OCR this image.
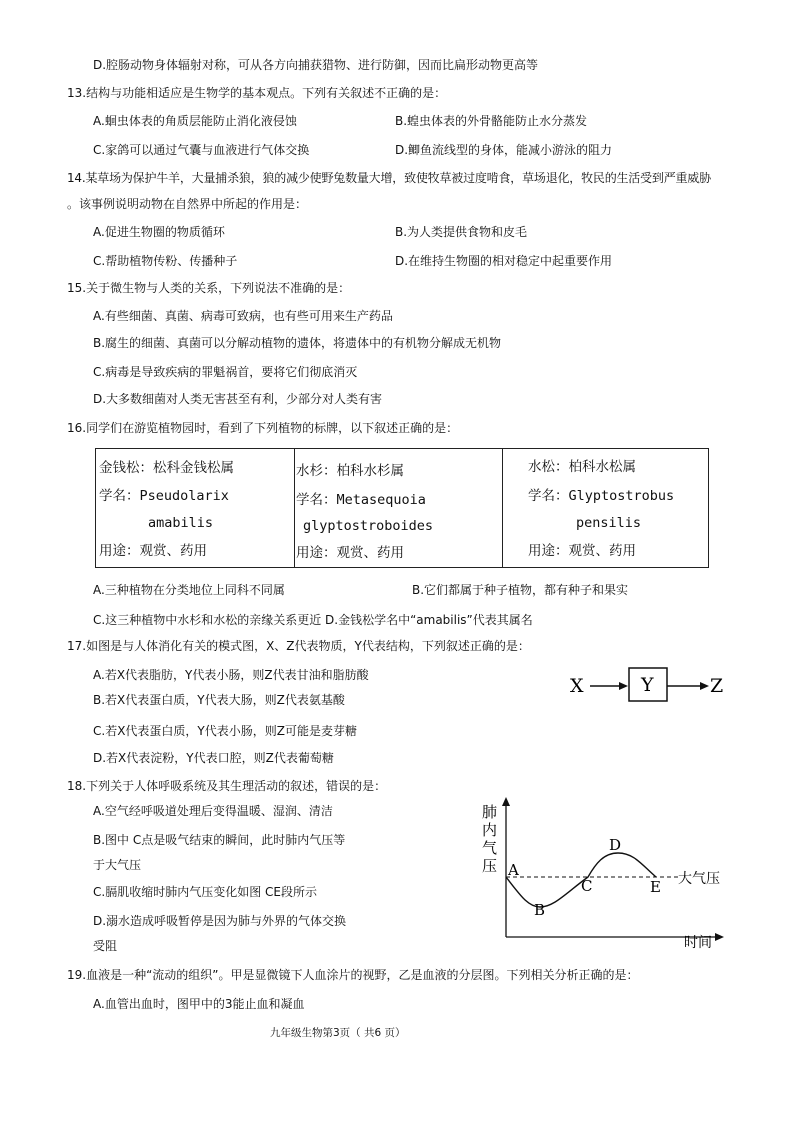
D.腔肠动物身体辐射对称，可从各方向捕获猎物、进行防御，因而比扁形动物更高等
13.结构与功能相适应是生物学的基本观点。下列有关叙述不正确的是：
A.蛔虫体表的角质层能防止消化液侵蚀	B.蝗虫体表的外骨骼能防止水分蒸发
C.家鸽可以通过气囊与血液进行气体交换	D.鲫鱼流线型的身体，能减小游泳的阻力
14.某草场为保护牛羊，大量捕杀狼，狼的减少使野兔数量大增，致使牧草被过度啃食，草场退化，牧民的生活受到严重威胁
。该事例说明动物在自然界中所起的作用是：
A.促进生物圈的物质循环	B.为人类提供食物和皮毛
C.帮助植物传粉、传播种子	D.在维持生物圈的相对稳定中起重要作用
15.关于微生物与人类的关系，下列说法不准确的是：
A.有些细菌、真菌、病毒可致病，也有些可用来生产药品
B.腐生的细菌、真菌可以分解动植物的遗体，将遗体中的有机物分解成无机物
C.病毒是导致疾病的罪魁祸首，要将它们彻底消灭
D.大多数细菌对人类无害甚至有利，少部分对人类有害
16.同学们在游览植物园时，看到了下列植物的标牌，以下叙述正确的是：
金钱松：松科金钱松属
学名：Pseudolarix
amabilis
用途：观赏、药用
水杉：柏科水杉属
学名：Metasequoia
glyptostroboides
用途：观赏、药用
水松：柏科水松属
学名：Glyptostrobus
pensilis
用途：观赏、药用
A.三种植物在分类地位上同科不同属	B.它们都属于种子植物，都有种子和果实
C.这三种植物中水杉和水松的亲缘关系更近 D.金钱松学名中“amabilis”代表其属名
17.如图是与人体消化有关的模式图，X、Z代表物质，Y代表结构，下列叙述正确的是：
A.若X代表脂肪，Y代表小肠，则Z代表甘油和脂肪酸
B.若X代表蛋白质，Y代表大肠，则Z代表氨基酸
C.若X代表蛋白质，Y代表小肠，则Z可能是麦芽糖
D.若X代表淀粉，Y代表口腔，则Z代表葡萄糖
X	Y	Z
18.下列关于人体呼吸系统及其生理活动的叙述，错误的是：
A.空气经呼吸道处理后变得温暖、湿润、清洁
B.图中 C点是吸气结束的瞬间，此时肺内气压等
于大气压
C.膈肌收缩时肺内气压变化如图 CE段所示
D.溺水造成呼吸暂停是因为肺与外界的气体交换
受阻
肺
内
气
压
时间
大气压
A
B
C
D
E
19.血液是一种“流动的组织”。甲是显微镜下人血涂片的视野，乙是血液的分层图。下列相关分析正确的是：
A.血管出血时，图甲中的3能止血和凝血
九年级生物第3页（ 共6 页）
